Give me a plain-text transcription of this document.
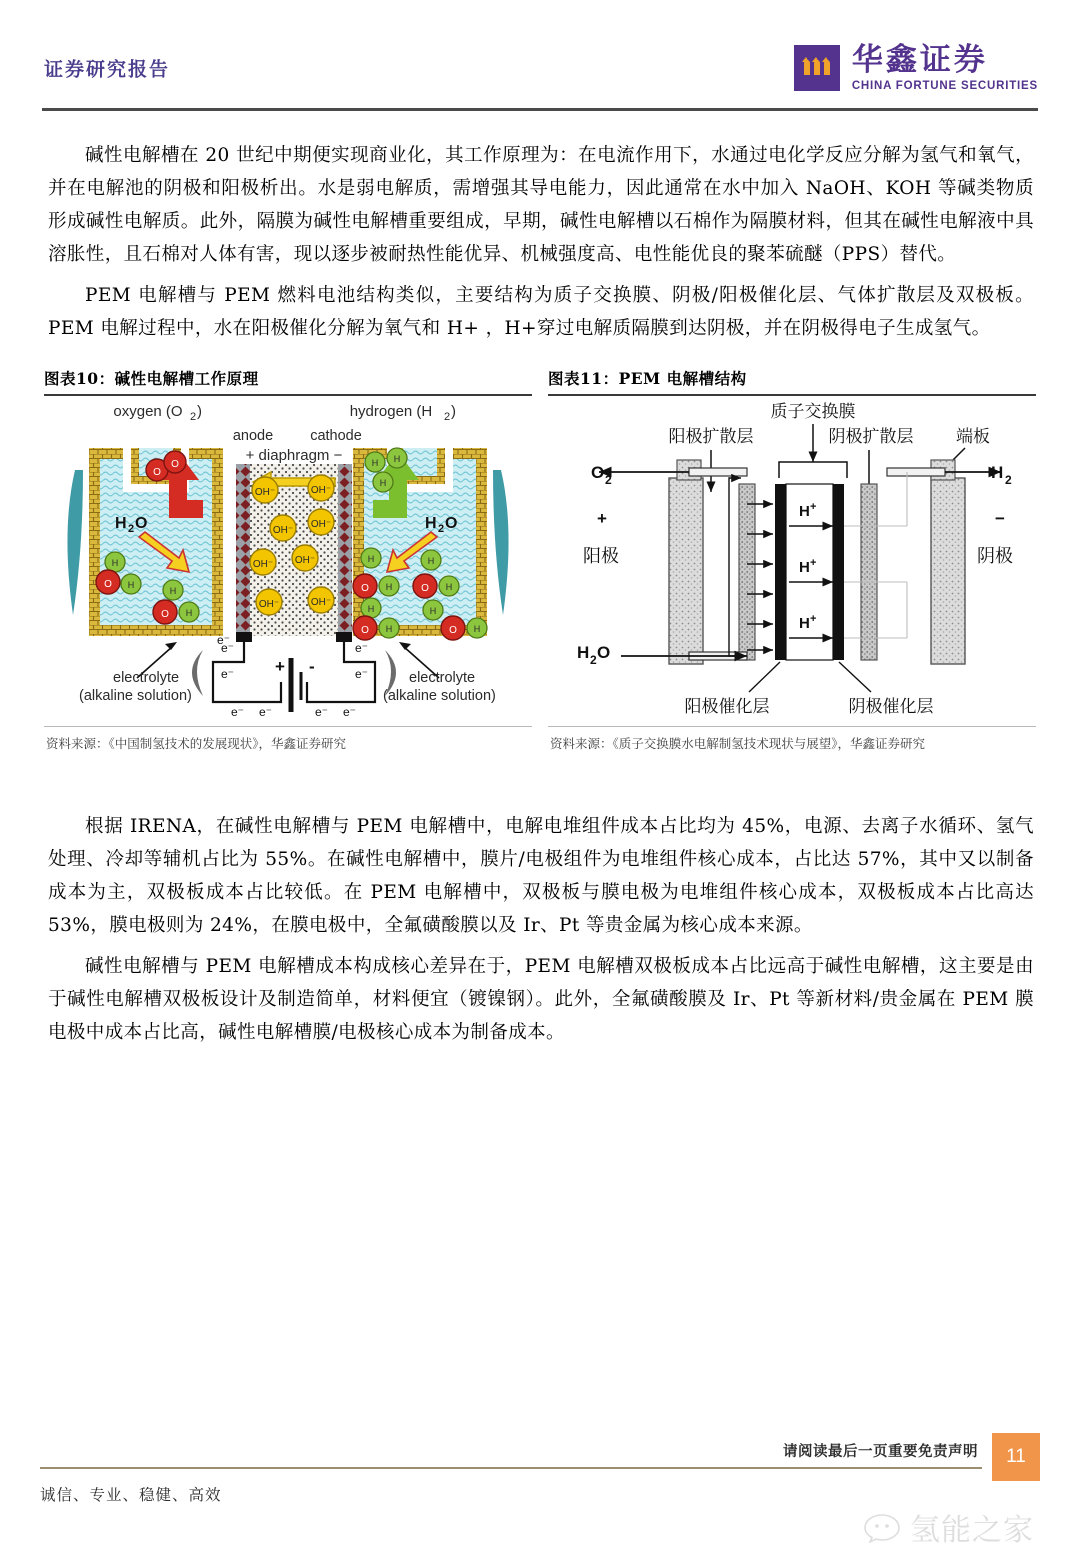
证券研究报告	华鑫证券
CHINA FORTUNE SECURITIES

碱性电解槽在 20 世纪中期便实现商业化，其工作原理为：在电流作用下，水通过电化学反应分解为氢气和氧气，并在电解池的阴极和阳极析出。水是弱电解质，需增强其导电能力，因此通常在水中加入 NaOH、KOH 等碱类物质形成碱性电解质。此外，隔膜为碱性电解槽重要组成，早期，碱性电解槽以石棉作为隔膜材料，但其在碱性电解液中具溶胀性，且石棉对人体有害，现以逐步被耐热性能优异、机械强度高、电性能优良的聚苯硫醚（PPS）替代。

PEM 电解槽与 PEM 燃料电池结构类似，主要结构为质子交换膜、阴极/阳极催化层、气体扩散层及双极板。PEM 电解过程中，水在阳极催化分解为氧气和 H+ ，H+穿过电解质隔膜到达阴极，并在阴极得电子生成氢气。

图表10：碱性电解槽工作原理
oxygen (O 2 )	hydrogen (H 2 )
anode	cathode
+ diaphragm −
H 2 O	H 2 O
O
O
H
O H
H
O H
OH⁻	OH⁻
OH⁻
OH⁻
OH⁻ OH⁻
OH⁻	OH⁻
H H
H
H
O H
H
O H
H
O H
H
O H
electrolyte
(alkaline solution)
electrolyte
(alkaline solution)
+ -
e⁻
e⁻
e⁻
e⁻
e⁻ e⁻	e⁻ e⁻
e⁻
资料来源：《中国制氢技术的发展现状》，华鑫证券研究
图表11：PEM 电解槽结构
质子交换膜
阳极扩散层	阴极扩散层	端板
H +
H +
H +
O 2	H 2
+	−
阳极	阴极
H 2 O
阳极催化层	阴极催化层
资料来源：《质子交换膜水电解制氢技术现状与展望》，华鑫证券研究

根据 IRENA，在碱性电解槽与 PEM 电解槽中，电解电堆组件成本占比均为 45%，电源、去离子水循环、氢气处理、冷却等辅机占比为 55%。在碱性电解槽中，膜片/电极组件为电堆组件核心成本，占比达 57%，其中又以制备成本为主，双极板成本占比较低。在 PEM 电解槽中，双极板与膜电极为电堆组件核心成本，双极板成本占比高达 53%，膜电极则为 24%，在膜电极中，全氟磺酸膜以及 Ir、Pt 等贵金属为核心成本来源。

碱性电解槽与 PEM 电解槽成本构成核心差异在于，PEM 电解槽双极板成本占比远高于碱性电解槽，这主要是由于碱性电解槽双极板设计及制造简单，材料便宜（镀镍钢）。此外，全氟磺酸膜及 Ir、Pt 等新材料/贵金属在 PEM 膜电极中成本占比高，碱性电解槽膜/电极核心成本为制备成本。

请阅读最后一页重要免责声明	11
诚信、专业、稳健、高效
氢能之家
